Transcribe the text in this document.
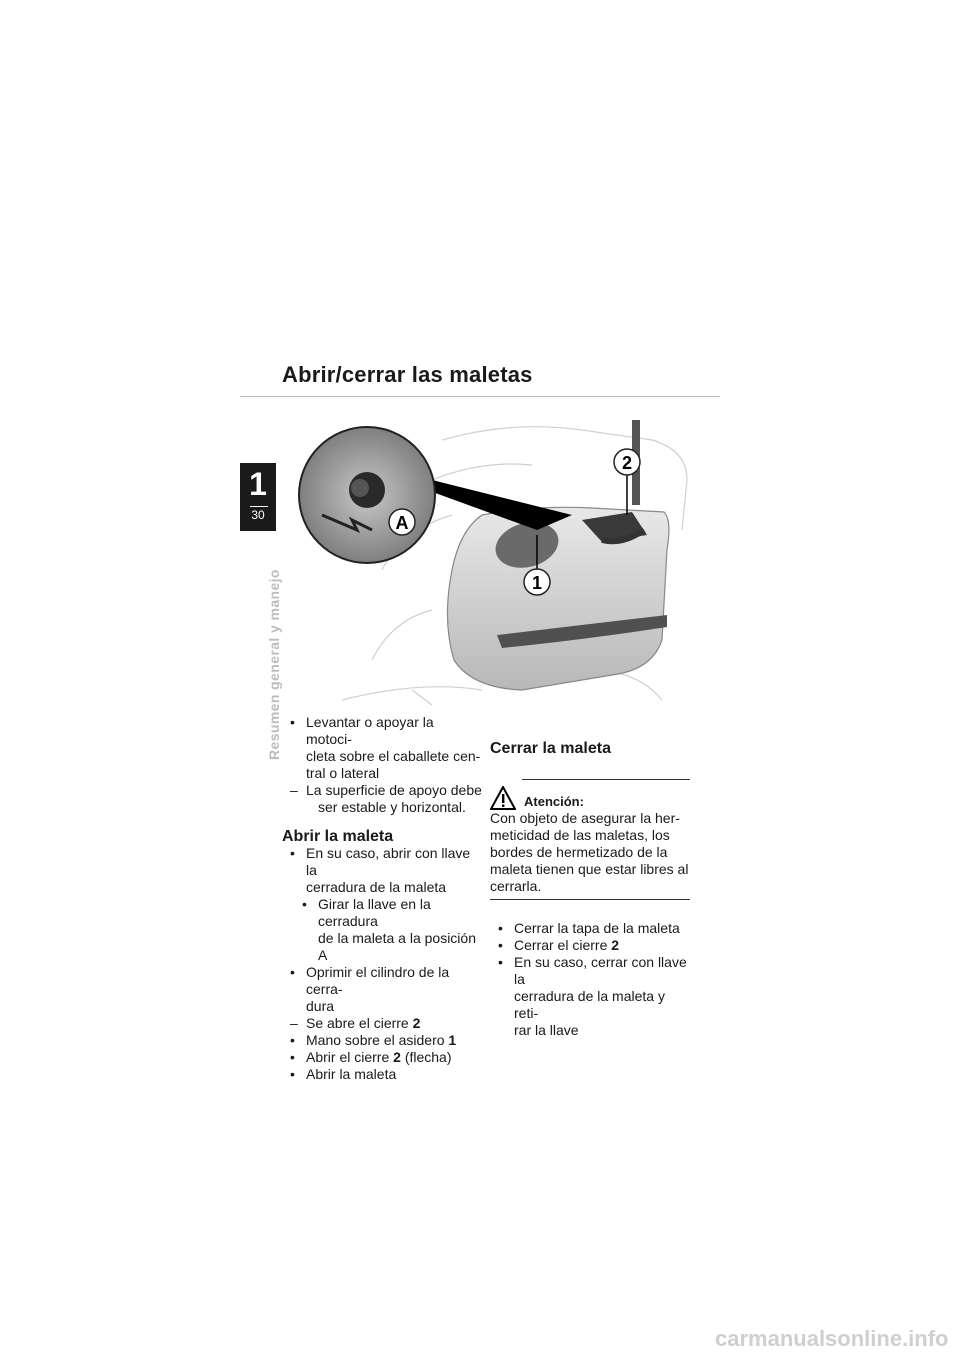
Abrir/cerrar las maletas
1
30
Resumen general y manejo
A
1
2
• Levantar o apoyar la motoci-
cleta sobre el caballete cen-
tral o lateral
– La superficie de apoyo debe
ser estable y horizontal.
Abrir la maleta
• En su caso, abrir con llave la
cerradura de la maleta
• Girar la llave en la cerradura
de la maleta a la posición A
• Oprimir el cilindro de la cerra-
dura
– Se abre el cierre 2
• Mano sobre el asidero 1
• Abrir el cierre 2 (flecha)
• Abrir la maleta
Cerrar la maleta
Atención:
Con objeto de asegurar la her-
meticidad de las maletas, los
bordes de hermetizado de la
maleta tienen que estar libres al
cerrarla.
• Cerrar la tapa de la maleta
• Cerrar el cierre 2
• En su caso, cerrar con llave la
cerradura de la maleta y reti-
rar la llave
carmanualsonline.info
